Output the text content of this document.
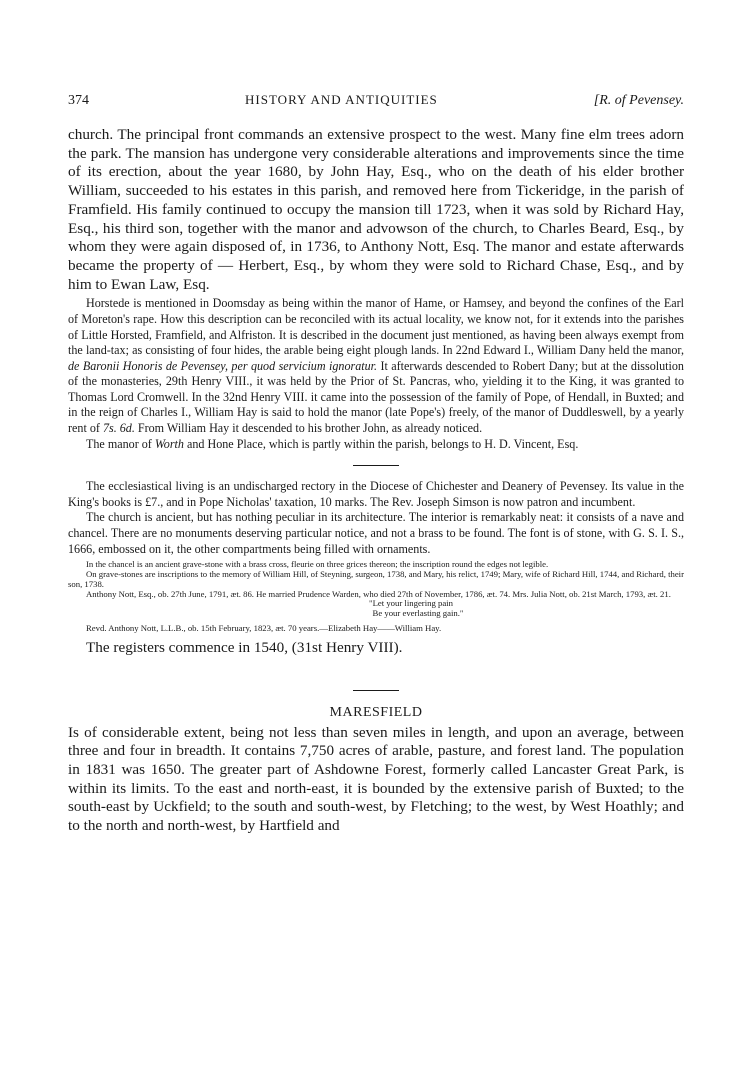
374	HISTORY AND ANTIQUITIES	[R. of Pevensey.

church. The principal front commands an extensive prospect to the west. Many fine elm trees adorn the park. The mansion has undergone very considerable alterations and improvements since the time of its erection, about the year 1680, by John Hay, Esq., who on the death of his elder brother William, succeeded to his estates in this parish, and removed here from Tickeridge, in the parish of Framfield. His family continued to occupy the mansion till 1723, when it was sold by Richard Hay, Esq., his third son, together with the manor and advowson of the church, to Charles Beard, Esq., by whom they were again disposed of, in 1736, to Anthony Nott, Esq. The manor and estate afterwards became the property of — Herbert, Esq., by whom they were sold to Richard Chase, Esq., and by him to Ewan Law, Esq.

Horstede is mentioned in Doomsday as being within the manor of Hame, or Hamsey, and beyond the confines of the Earl of Moreton's rape. How this description can be reconciled with its actual locality, we know not, for it extends into the parishes of Little Horsted, Framfield, and Alfriston. It is described in the document just mentioned, as having been always exempt from the land-tax; as consisting of four hides, the arable being eight plough lands. In 22nd Edward I., William Dany held the manor, de Baronii Honoris de Pevensey, per quod servicium ignoratur. It afterwards descended to Robert Dany; but at the dissolution of the monasteries, 29th Henry VIII., it was held by the Prior of St. Pancras, who, yielding it to the King, it was granted to Thomas Lord Cromwell. In the 32nd Henry VIII. it came into the possession of the family of Pope, of Hendall, in Buxted; and in the reign of Charles I., William Hay is said to hold the manor (late Pope's) freely, of the manor of Duddleswell, by a yearly rent of 7s. 6d. From William Hay it descended to his brother John, as already noticed.

The manor of Worth and Hone Place, which is partly within the parish, belongs to H. D. Vincent, Esq.

The ecclesiastical living is an undischarged rectory in the Diocese of Chichester and Deanery of Pevensey. Its value in the King's books is £7., and in Pope Nicholas' taxation, 10 marks. The Rev. Joseph Simson is now patron and incumbent.

The church is ancient, but has nothing peculiar in its architecture. The interior is remarkably neat: it consists of a nave and chancel. There are no monuments deserving particular notice, and not a brass to be found. The font is of stone, with G. S. I. S., 1666, embossed on it, the other compartments being filled with ornaments.

In the chancel is an ancient grave-stone with a brass cross, fleurie on three grices thereon; the inscription round the edges not legible.

On grave-stones are inscriptions to the memory of William Hill, of Steyning, surgeon, 1738, and Mary, his relict, 1749; Mary, wife of Richard Hill, 1744, and Richard, their son, 1738.

Anthony Nott, Esq., ob. 27th June, 1791, æt. 86. He married Prudence Warden, who died 27th of November, 1786, æt. 74. Mrs. Julia Nott, ob. 21st March, 1793, æt. 21.

"Let your lingering pain
Be your everlasting gain."

Revd. Anthony Nott, L.L.B., ob. 15th February, 1823, æt. 70 years.—Elizabeth Hay——William Hay.

The registers commence in 1540, (31st Henry VIII).

MARESFIELD

Is of considerable extent, being not less than seven miles in length, and upon an average, between three and four in breadth. It contains 7,750 acres of arable, pasture, and forest land. The population in 1831 was 1650. The greater part of Ashdowne Forest, formerly called Lancaster Great Park, is within its limits. To the east and north-east, it is bounded by the extensive parish of Buxted; to the south-east by Uckfield; to the south and south-west, by Fletching; to the west, by West Hoathly; and to the north and north-west, by Hartfield and
